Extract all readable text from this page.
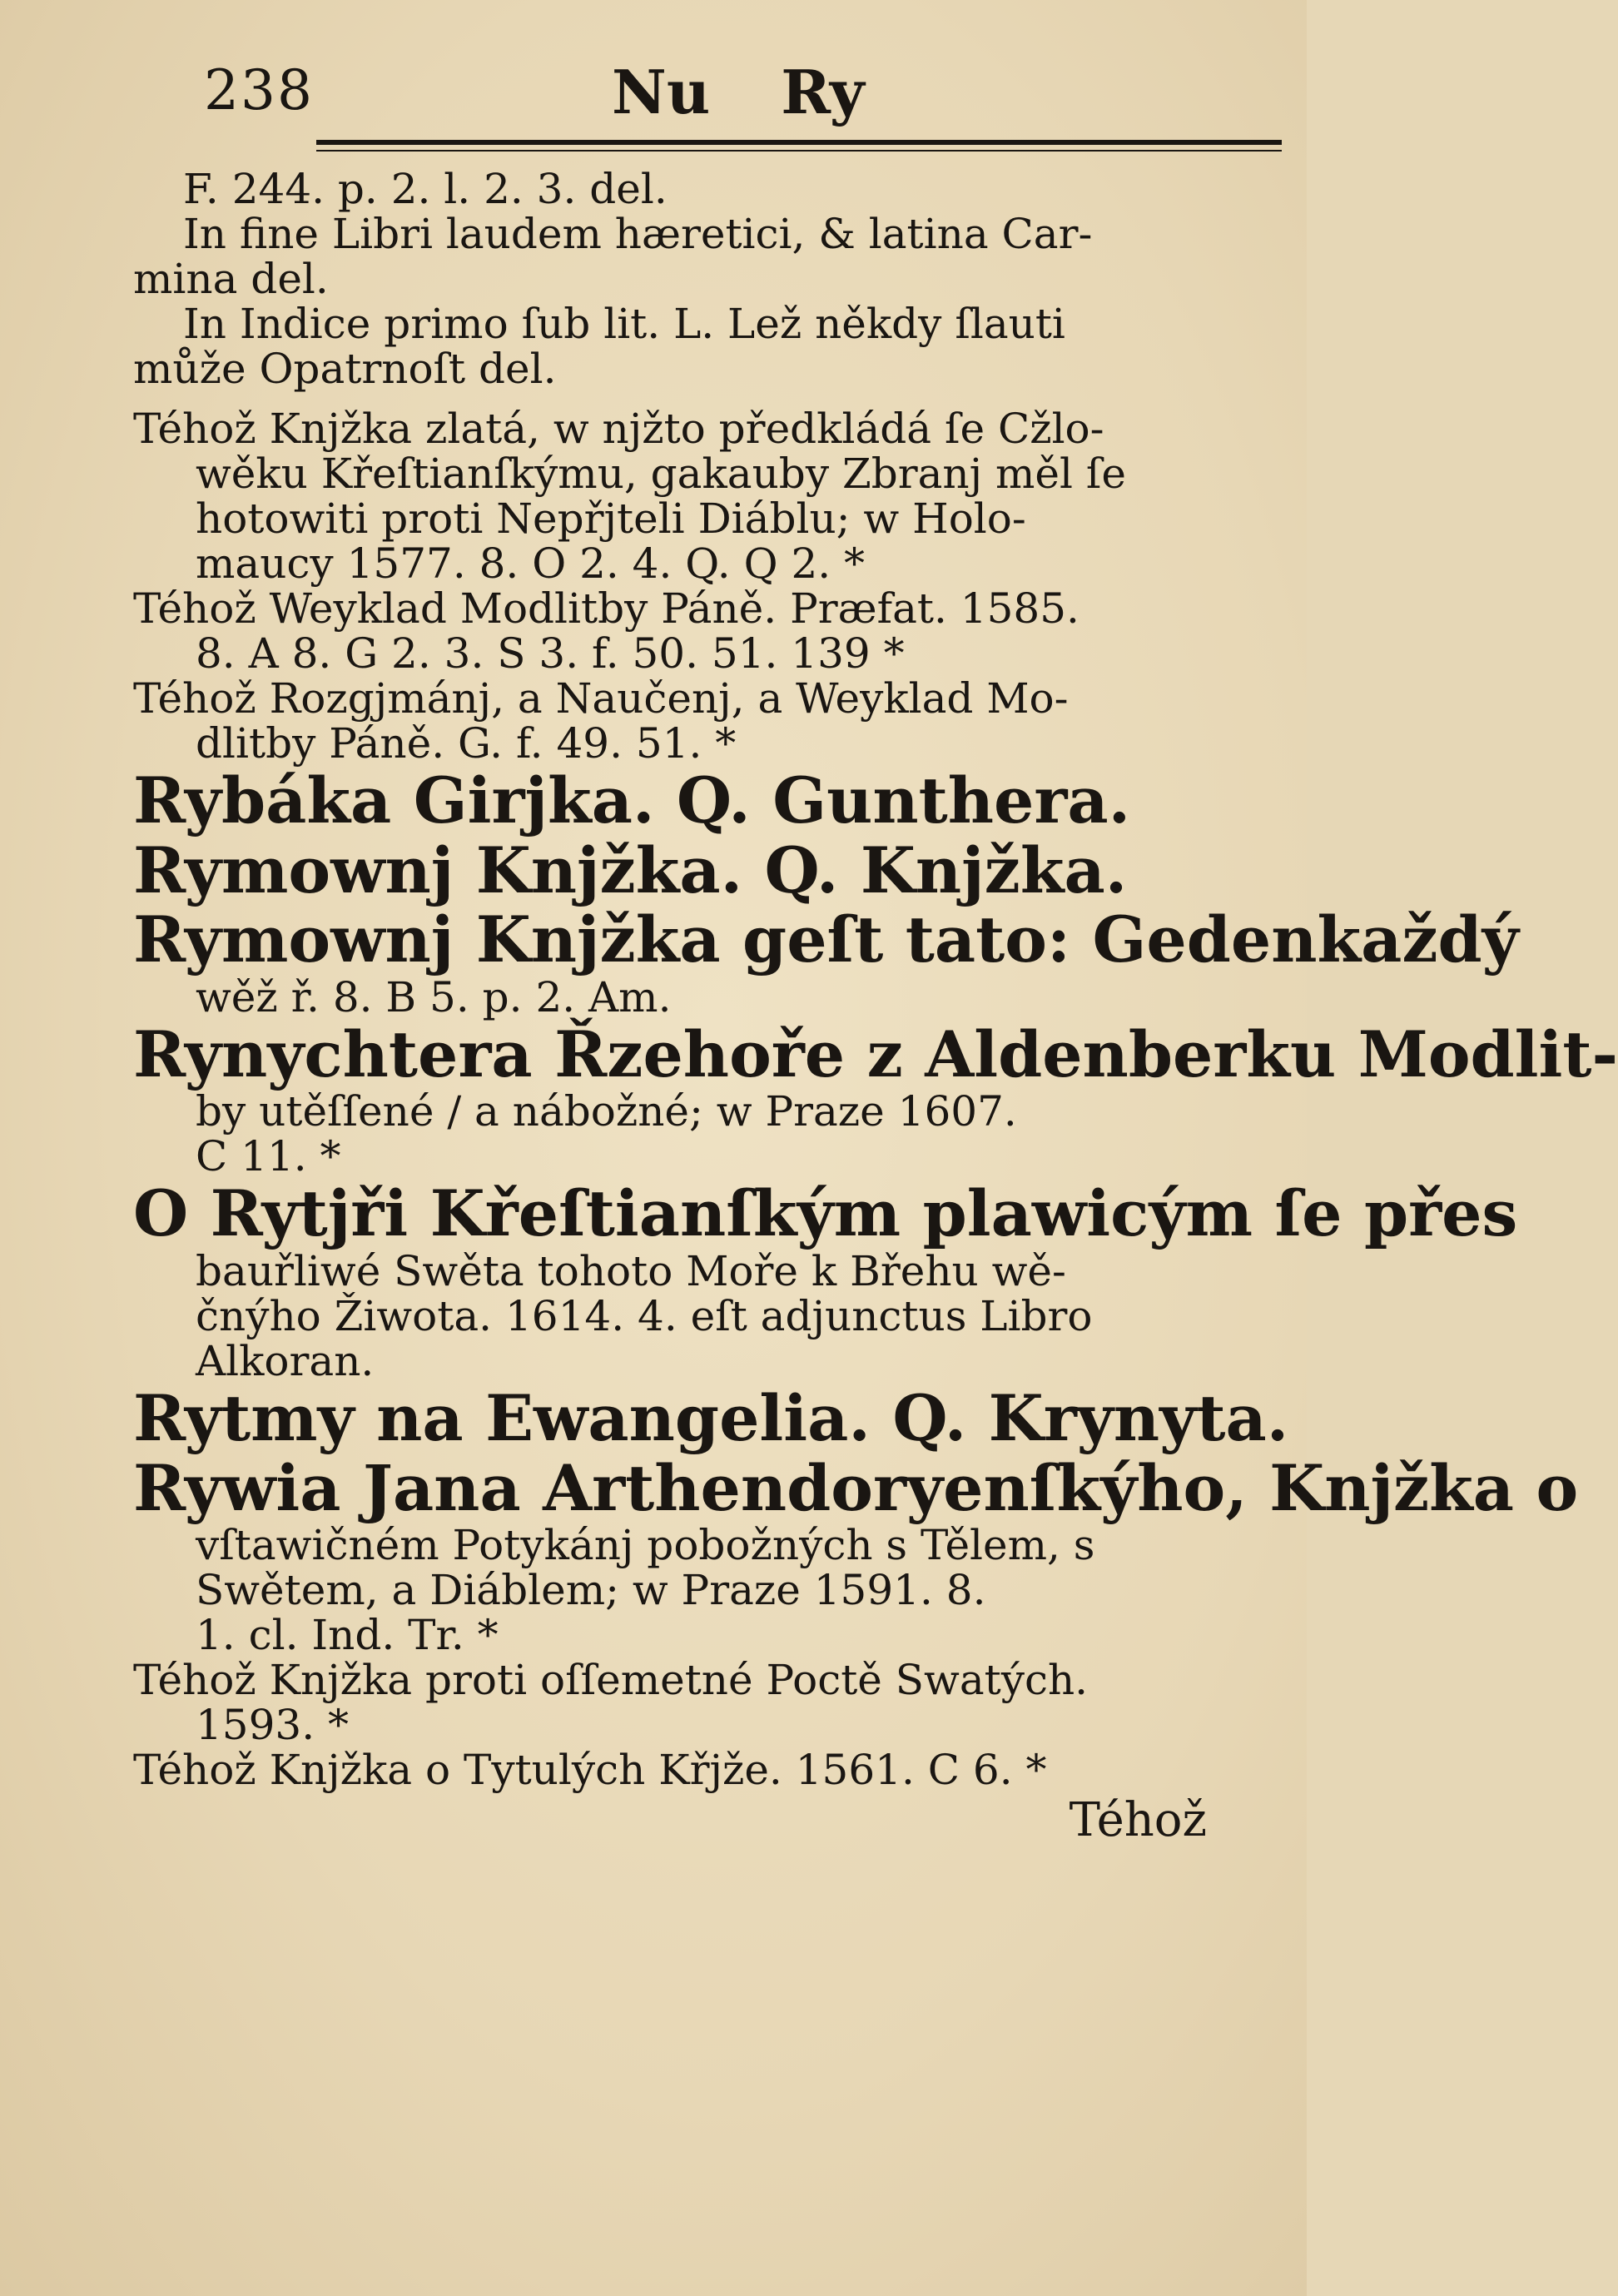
238	Nu Ry

F. 244. p. 2. l. 2. 3. del.

In fine Libri laudem hæretici, & latina Car-

mina del.

In Indice primo ſub lit. L. Lež někdy ſlauti

může Opatrnoſt del.

Téhož Knjžka zlatá, w njžto předkládá ſe Cžlo-

wěku Křeſtianſkýmu, gakauby Zbranj měl ſe

hotowiti proti Nepřjteli Diáblu; w Holo-

maucy 1577. 8. O 2. 4. Q. Q 2. *

Téhož Weyklad Modlitby Páně. Præfat. 1585.

8. A 8. G 2. 3. S 3. f. 50. 51. 139 *

Téhož Rozgjmánj, a Naučenj, a Weyklad Mo-

dlitby Páně. G. f. 49. 51. *

Rybáka Girjka. Q. Gunthera.

Rymownj Knjžka. Q. Knjžka.

Rymownj Knjžka geſt tato: Gedenkaždý

wěž ř. 8. B 5. p. 2. Am.

Rynychtera Řzehoře z Aldenberku Modlit-

by utěſſené / a nábožné; w Praze 1607.

C 11. *

O Rytjři Křeſtianſkým plawicým ſe přes

bauřliwé Swěta tohoto Moře k Břehu wě-

čnýho Žiwota. 1614. 4. eſt adjunctus Libro

Alkoran.

Rytmy na Ewangelia. Q. Krynyta.

Rywia Jana Arthendoryenſkýho, Knjžka o

vſtawičném Potykánj pobožných s Tělem, s

Swětem, a Diáblem; w Praze 1591. 8.

1. cl. Ind. Tr. *

Téhož Knjžka proti oſſemetné Poctě Swatých.

1593. *

Téhož Knjžka o Tytulých Křjže. 1561. C 6. *

Téhož
